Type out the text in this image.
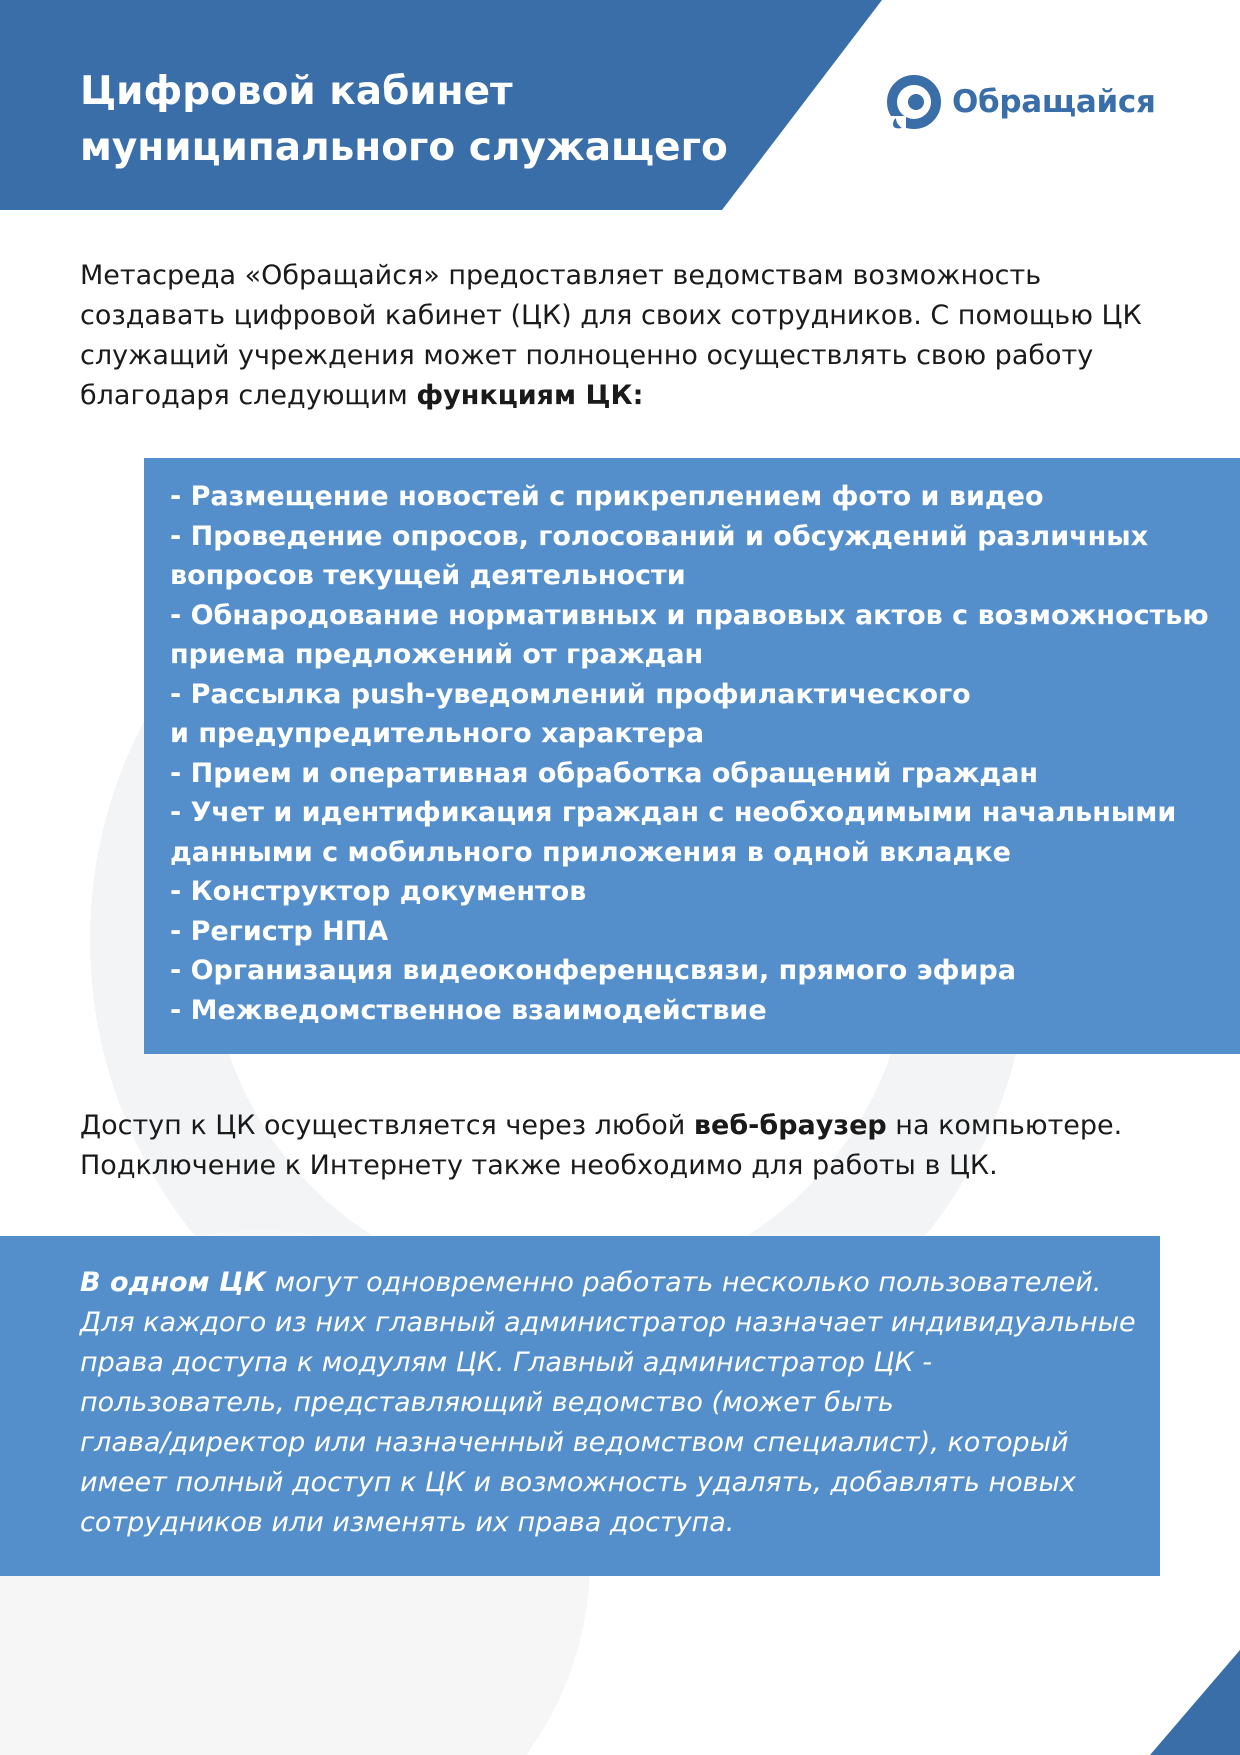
Цифровой кабинет
муниципального служащего
Обращайся

Метасреда «Обращайся» предоставляет ведомствам возможность
создавать цифровой кабинет (ЦК) для своих сотрудников. С помощью ЦК
служащий учреждения может полноценно осуществлять свою работу
благодаря следующим функциям ЦК:

- Размещение новостей с прикреплением фото и видео
- Проведение опросов, голосований и обсуждений различных
вопросов текущей деятельности
- Обнародование нормативных и правовых актов с возможностью
приема предложений от граждан
- Рассылка push-уведомлений профилактического
и предупредительного характера
- Прием и оперативная обработка обращений граждан
- Учет и идентификация граждан с необходимыми начальными
данными с мобильного приложения в одной вкладке
- Конструктор документов
- Регистр НПА
- Организация видеоконференцсвязи, прямого эфира
- Межведомственное взаимодействие

Доступ к ЦК осуществляется через любой веб-браузер на компьютере.
Подключение к Интернету также необходимо для работы в ЦК.

В одном ЦК могут одновременно работать несколько пользователей.
Для каждого из них главный администратор назначает индивидуальные
права доступа к модулям ЦК. Главный администратор ЦК -
пользователь, представляющий ведомство (может быть
глава/директор или назначенный ведомством специалист), который
имеет полный доступ к ЦК и возможность удалять, добавлять новых
сотрудников или изменять их права доступа.
